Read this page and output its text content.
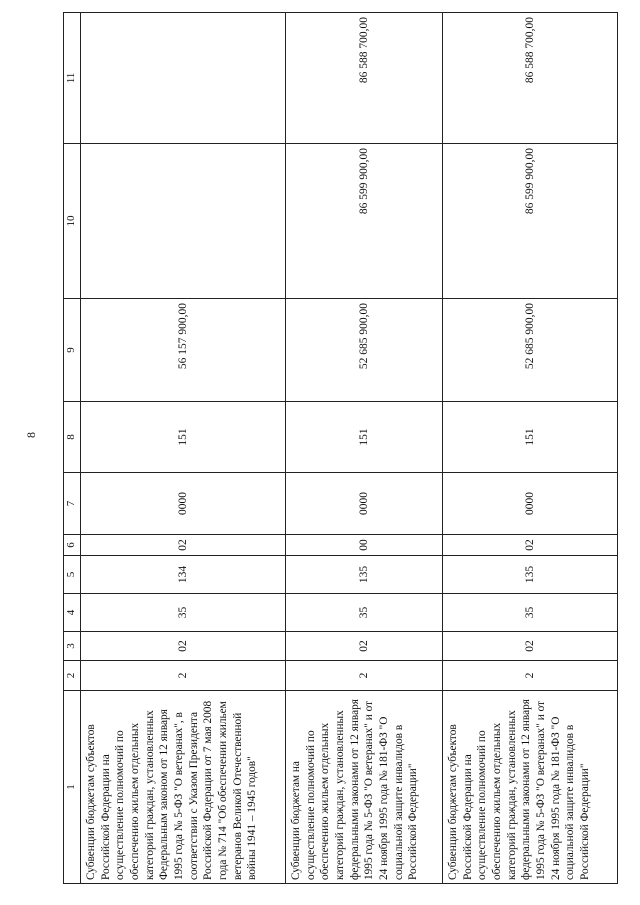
8
1	2	3	4	5	6	7	8	9	10	11
Субвенции бюджетам субъектов Российской Федерации на осуществление полномочий по обеспечению жильем отдельных категорий граждан, установленных Федеральным законом от 12 января 1995 года № 5-ФЗ "О ветеранах", в соответствии с Указом Президента Российской Федерации от 7 мая 2008 года № 714 "Об обеспечении жильем ветеранов Великой Отечественной войны 1941 – 1945 годов"	2	02	35	134	02	0000	151	56 157 900,00		
Субвенции бюджетам на осуществление полномочий по обеспечению жильем отдельных категорий граждан, установленных федеральными законами от 12 января 1995 года № 5-ФЗ "О ветеранах" и от 24 ноября 1995 года № 181-ФЗ "О социальной защите инвалидов в Российской Федерации"	2	02	35	135	00	0000	151	52 685 900,00	86 599 900,00	86 588 700,00
Субвенции бюджетам субъектов Российской Федерации на осуществление полномочий по обеспечению жильем отдельных категорий граждан, установленных федеральными законами от 12 января 1995 года № 5-ФЗ "О ветеранах" и от 24 ноября 1995 года № 181-ФЗ "О социальной защите инвалидов в Российской Федерации"	2	02	35	135	02	0000	151	52 685 900,00	86 599 900,00	86 588 700,00
